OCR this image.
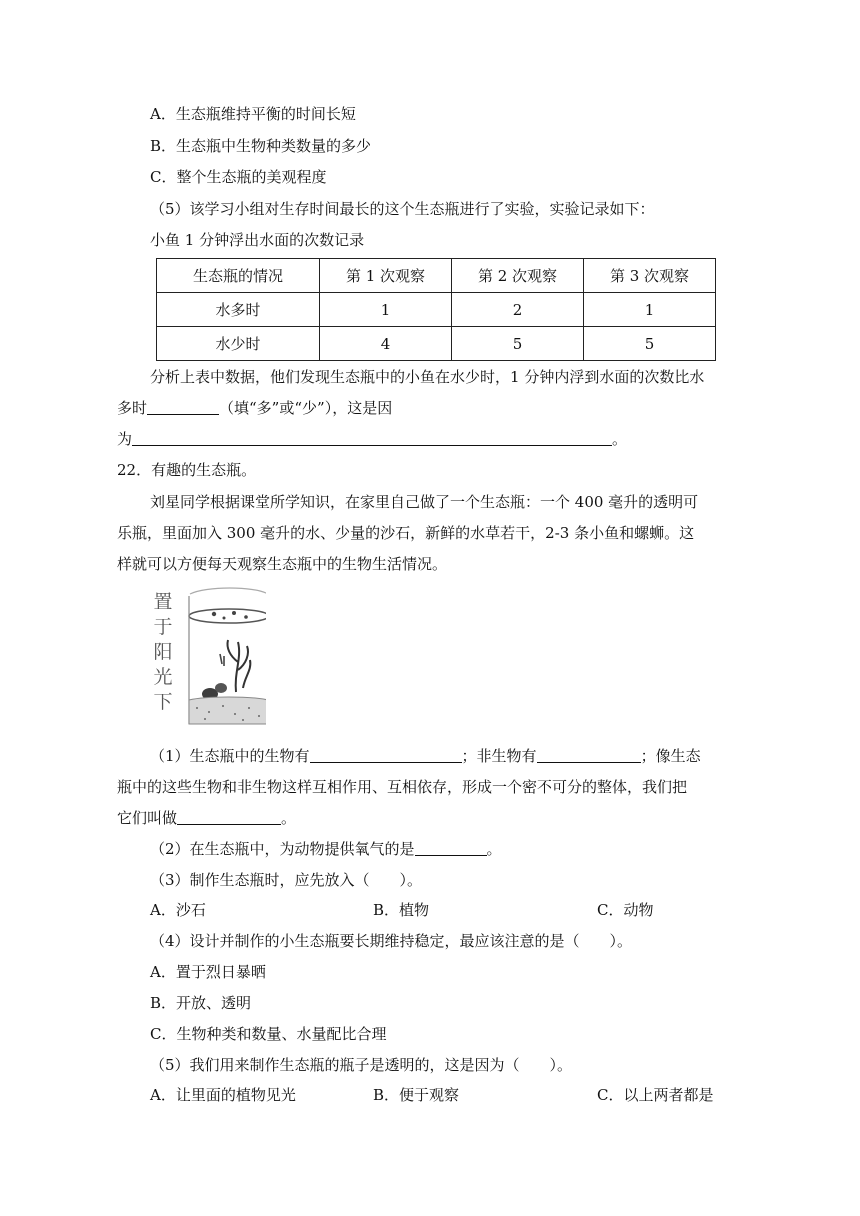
A．生态瓶维持平衡的时间长短
B．生态瓶中生物种类数量的多少
C．整个生态瓶的美观程度
（5）该学习小组对生存时间最长的这个生态瓶进行了实验，实验记录如下：
小鱼 1 分钟浮出水面的次数记录
生态瓶的情况	第 1 次观察	第 2 次观察	第 3 次观察
水多时	1	2	1
水少时	4	5	5
分析上表中数据，他们发现生态瓶中的小鱼在水少时，1 分钟内浮到水面的次数比水
多时	（填“多”或“少”），这是因
为	。
22．有趣的生态瓶。
刘星同学根据课堂所学知识，在家里自己做了一个生态瓶：一个 400 毫升的透明可
乐瓶，里面加入 300 毫升的水、少量的沙石，新鲜的水草若干，2-3 条小鱼和螺蛳。这
样就可以方便每天观察生态瓶中的生物生活情况。
置于阳光下
（1）生态瓶中的生物有	；非生物有	；像生态
瓶中的这些生物和非生物这样互相作用、互相依存，形成一个密不可分的整体，我们把
它们叫做	。
（2）在生态瓶中，为动物提供氧气的是	。
（3）制作生态瓶时，应先放入（　　）。
A．沙石	B．植物	C．动物
（4）设计并制作的小生态瓶要长期维持稳定，最应该注意的是（　　）。
A．置于烈日暴晒
B．开放、透明
C．生物种类和数量、水量配比合理
（5）我们用来制作生态瓶的瓶子是透明的，这是因为（　　）。
A．让里面的植物见光	B．便于观察	C．以上两者都是
